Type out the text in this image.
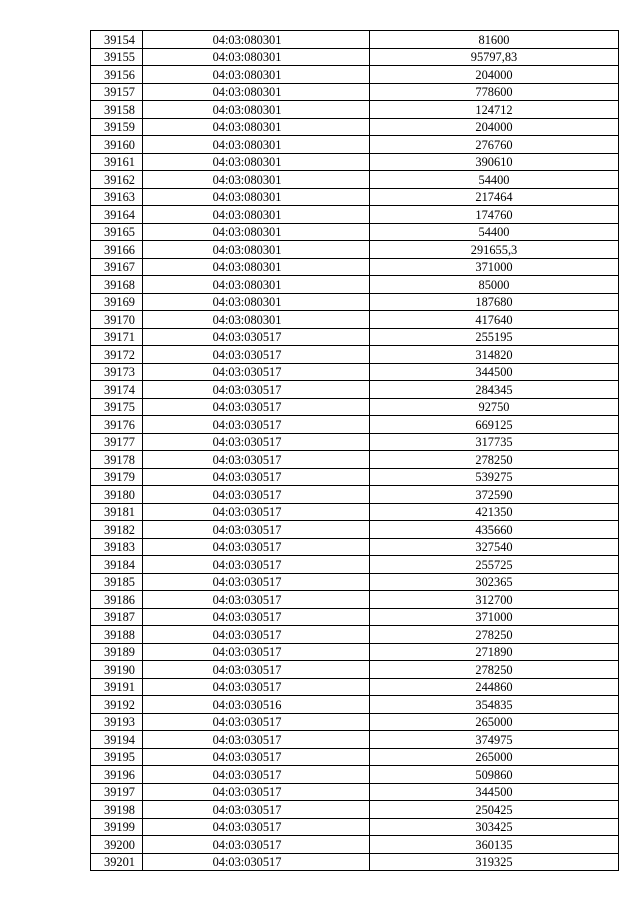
39154	04:03:080301	81600
39155	04:03:080301	95797,83
39156	04:03:080301	204000
39157	04:03:080301	778600
39158	04:03:080301	124712
39159	04:03:080301	204000
39160	04:03:080301	276760
39161	04:03:080301	390610
39162	04:03:080301	54400
39163	04:03:080301	217464
39164	04:03:080301	174760
39165	04:03:080301	54400
39166	04:03:080301	291655,3
39167	04:03:080301	371000
39168	04:03:080301	85000
39169	04:03:080301	187680
39170	04:03:080301	417640
39171	04:03:030517	255195
39172	04:03:030517	314820
39173	04:03:030517	344500
39174	04:03:030517	284345
39175	04:03:030517	92750
39176	04:03:030517	669125
39177	04:03:030517	317735
39178	04:03:030517	278250
39179	04:03:030517	539275
39180	04:03:030517	372590
39181	04:03:030517	421350
39182	04:03:030517	435660
39183	04:03:030517	327540
39184	04:03:030517	255725
39185	04:03:030517	302365
39186	04:03:030517	312700
39187	04:03:030517	371000
39188	04:03:030517	278250
39189	04:03:030517	271890
39190	04:03:030517	278250
39191	04:03:030517	244860
39192	04:03:030516	354835
39193	04:03:030517	265000
39194	04:03:030517	374975
39195	04:03:030517	265000
39196	04:03:030517	509860
39197	04:03:030517	344500
39198	04:03:030517	250425
39199	04:03:030517	303425
39200	04:03:030517	360135
39201	04:03:030517	319325
